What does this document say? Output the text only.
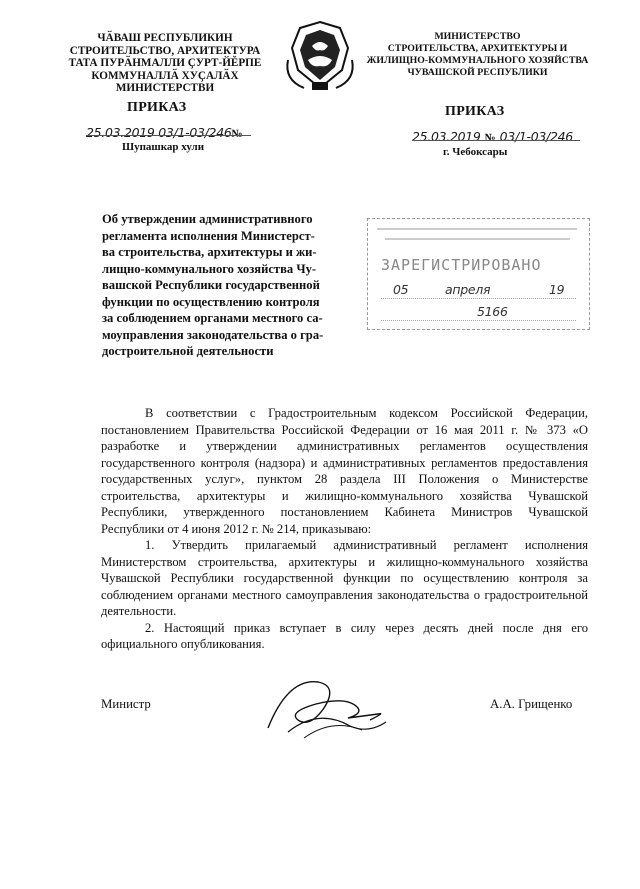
ЧӐВАШ РЕСПУБЛИКИН
СТРОИТЕЛЬСТВО, АРХИТЕКТУРА
ТАТА ПУРӐНМАЛЛИ ҪУРТ-ЙĔРПЕ
КОММУНАЛЛӐ ХУҪАЛӐХ
МИНИСТЕРСТВИ
МИНИСТЕРСТВО
СТРОИТЕЛЬСТВА, АРХИТЕКТУРЫ И
ЖИЛИЩНО-КОММУНАЛЬНОГО ХОЗЯЙСТВА
ЧУВАШСКОЙ РЕСПУБЛИКИ
ПРИКАЗ
25.03.2019 03/1-03/246№
Шупашкар хули
ПРИКАЗ
25.03.2019 № 03/1-03/246
г. Чебоксары
Об утверждении административного
регламента исполнения Министерст-
ва строительства, архитектуры и жи-
лищно-коммунального хозяйства Чу-
вашской Республики государственной
функции по осуществлению контроля
за соблюдением органами местного са-
моуправления законодательства о гра-
достроительной деятельности
ЗАРЕГИСТРИРОВАНО
05	апреля	19
5166

В соответствии с Градостроительным кодексом Российской Федерации, постановлением Правительства Российской Федерации от 16 мая 2011 г. № 373 «О разработке и утверждении административных регламентов осуществления государственного контроля (надзора) и административных регламентов предоставления государственных услуг», пунктом 28 раздела III Положения о Министерстве строительства, архитектуры и жилищно-коммунального хозяйства Чувашской Республики, утвержденного постановлением Кабинета Министров Чувашской Республики от 4 июня 2012 г. № 214, приказываю:

1. Утвердить прилагаемый административный регламент исполнения Министерством строительства, архитектуры и жилищно-коммунального хозяйства Чувашской Республики государственной функции по осуществлению контроля за соблюдением органами местного самоуправления законодательства о градостроительной деятельности.

2. Настоящий приказ вступает в силу через десять дней после дня его официального опубликования.

Министр	А.А. Грищенко
